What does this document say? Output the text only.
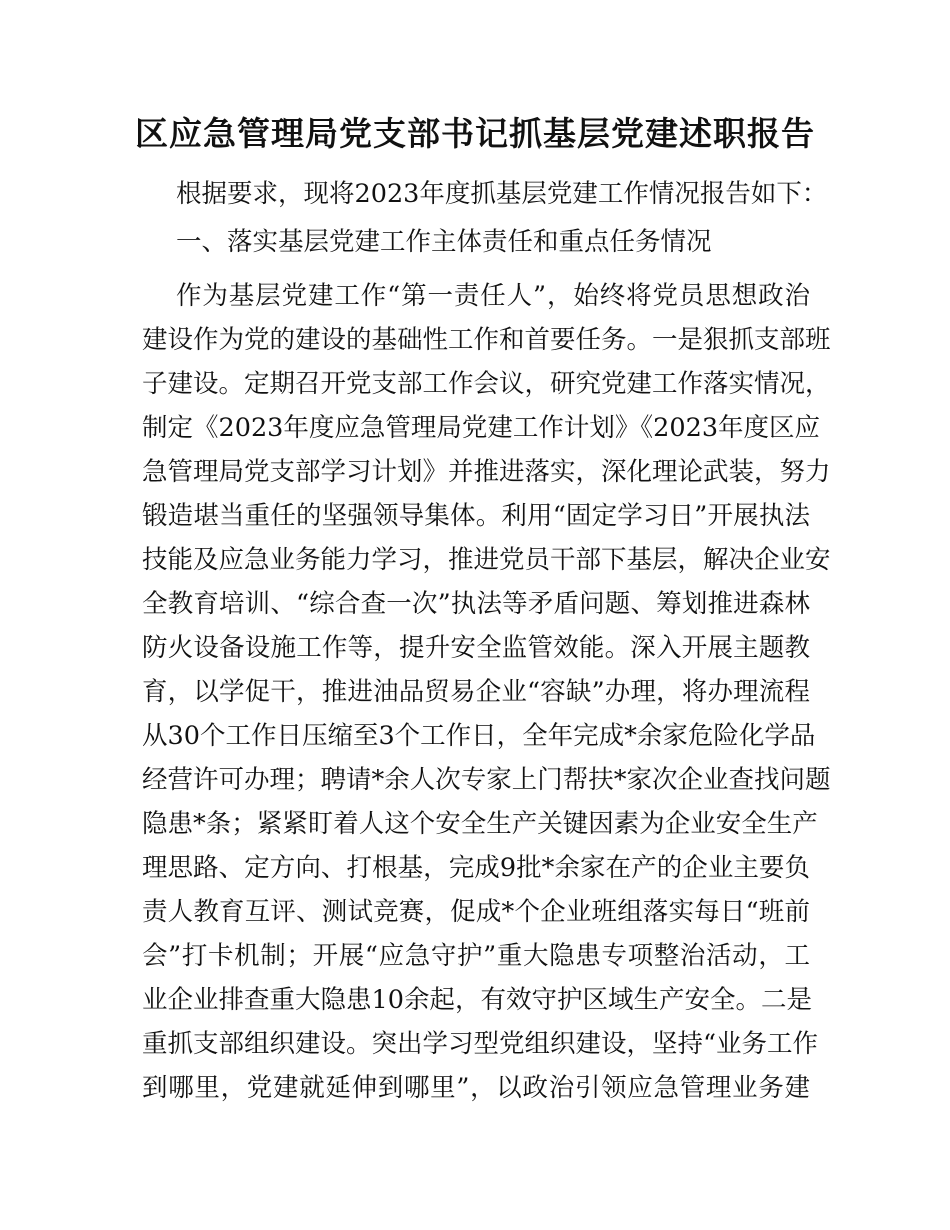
区应急管理局党支部书记抓基层党建述职报告
根据要求，现将2023年度抓基层党建工作情况报告如下：
一、落实基层党建工作主体责任和重点任务情况
作为基层党建工作“第一责任人”，始终将党员思想政治
建设作为党的建设的基础性工作和首要任务。一是狠抓支部班
子建设。定期召开党支部工作会议，研究党建工作落实情况，
制定《2023年度应急管理局党建工作计划》《2023年度区应
急管理局党支部学习计划》并推进落实，深化理论武装，努力
锻造堪当重任的坚强领导集体。利用“固定学习日”开展执法
技能及应急业务能力学习，推进党员干部下基层，解决企业安
全教育培训、“综合查一次”执法等矛盾问题、筹划推进森林
防火设备设施工作等，提升安全监管效能。深入开展主题教
育，以学促干，推进油品贸易企业“容缺”办理，将办理流程
从30个工作日压缩至3个工作日，全年完成*余家危险化学品
经营许可办理；聘请*余人次专家上门帮扶*家次企业查找问题
隐患*条；紧紧盯着人这个安全生产关键因素为企业安全生产
理思路、定方向、打根基，完成9批*余家在产的企业主要负
责人教育互评、测试竞赛，促成*个企业班组落实每日“班前
会”打卡机制；开展“应急守护”重大隐患专项整治活动，工
业企业排查重大隐患10余起，有效守护区域生产安全。二是
重抓支部组织建设。突出学习型党组织建设，坚持“业务工作
到哪里，党建就延伸到哪里”，以政治引领应急管理业务建
